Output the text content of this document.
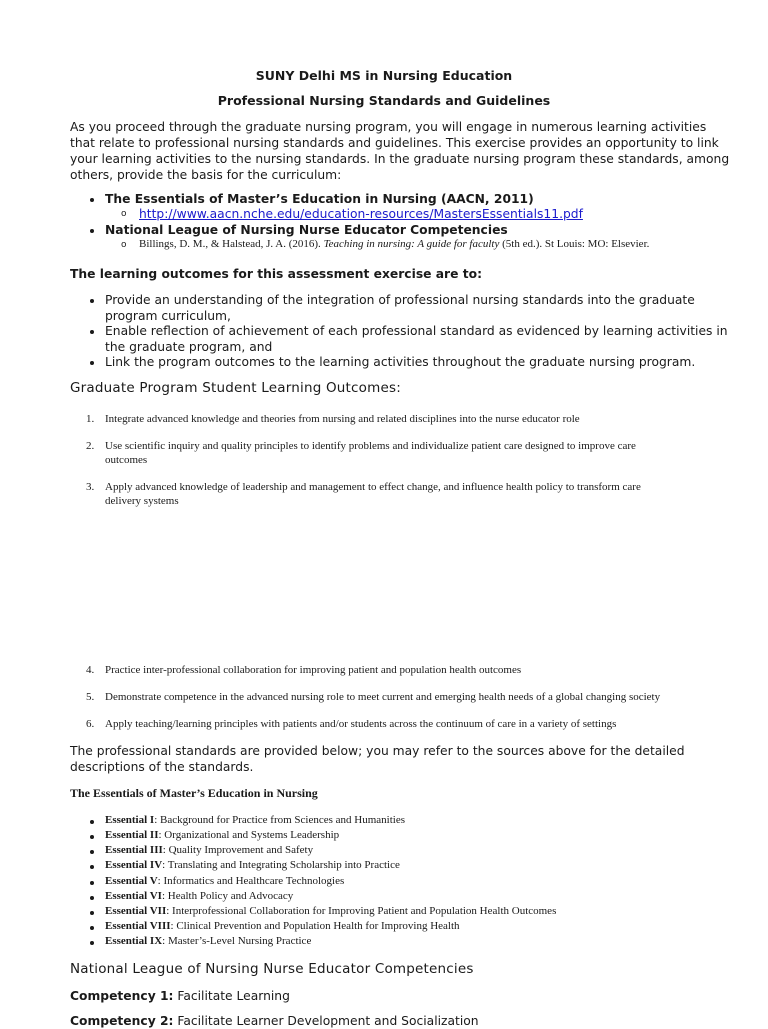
SUNY Delhi MS in Nursing Education
Professional Nursing Standards and Guidelines
As you proceed through the graduate nursing program, you will engage in numerous learning activities
that relate to professional nursing standards and guidelines. This exercise provides an opportunity to link
your learning activities to the nursing standards. In the graduate nursing program these standards, among
others, provide the basis for the curriculum:
The Essentials of Master’s Education in Nursing (AACN, 2011)
o http://www.aacn.nche.edu/education-resources/MastersEssentials11.pdf
National League of Nursing Nurse Educator Competencies
o Billings, D. M., & Halstead, J. A. (2016). Teaching in nursing: A guide for faculty (5th ed.). St Louis: MO: Elsevier.
The learning outcomes for this assessment exercise are to:
Provide an understanding of the integration of professional nursing standards into the graduate
program curriculum,
Enable reflection of achievement of each professional standard as evidenced by learning activities in
the graduate program, and
Link the program outcomes to the learning activities throughout the graduate nursing program.
Graduate Program Student Learning Outcomes:
1. Integrate advanced knowledge and theories from nursing and related disciplines into the nurse educator role
2. Use scientific inquiry and quality principles to identify problems and individualize patient care designed to improve care
outcomes
3. Apply advanced knowledge of leadership and management to effect change, and influence health policy to transform care
delivery systems
4. Practice inter-professional collaboration for improving patient and population health outcomes
5. Demonstrate competence in the advanced nursing role to meet current and emerging health needs of a global changing society
6. Apply teaching/learning principles with patients and/or students across the continuum of care in a variety of settings
The professional standards are provided below; you may refer to the sources above for the detailed
descriptions of the standards.
The Essentials of Master’s Education in Nursing
Essential I: Background for Practice from Sciences and Humanities
Essential II: Organizational and Systems Leadership
Essential III: Quality Improvement and Safety
Essential IV: Translating and Integrating Scholarship into Practice
Essential V: Informatics and Healthcare Technologies
Essential VI: Health Policy and Advocacy
Essential VII: Interprofessional Collaboration for Improving Patient and Population Health Outcomes
Essential VIII: Clinical Prevention and Population Health for Improving Health
Essential IX: Master’s-Level Nursing Practice
National League of Nursing Nurse Educator Competencies
Competency 1: Facilitate Learning
Competency 2: Facilitate Learner Development and Socialization
